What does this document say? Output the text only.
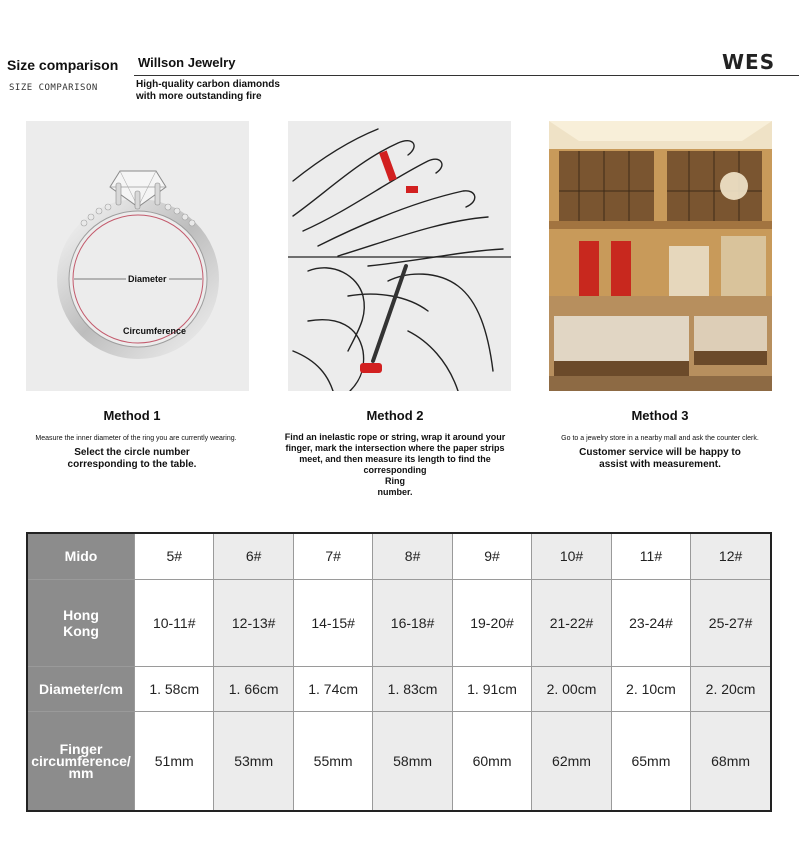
Size comparison
SIZE COMPARISON
Willson Jewelry
High-quality carbon diamonds
with more outstanding fire
WES
Diameter
Circumference
Method 1
Measure the inner diameter of the ring you are currently wearing.
Select the circle number
corresponding to the table.
Method 2
Find an inelastic rope or string, wrap it around your
finger, mark the intersection where the paper strips
meet, and then measure its length to find the
corresponding
Ring
number.
Method 3
Go to a jewelry store in a nearby mall and ask the counter clerk.
Customer service will be happy to
assist with measurement.
Mido	5#	6#	7#	8#	9#	10#	11#	12#

Hong
Kong	10-11#	12-13#	14-15#	16-18#	19-20#	21-22#	23-24#	25-27#
Diameter/cm	1. 58cm	1. 66cm	1. 74cm	1. 83cm	1. 91cm	2. 00cm	2. 10cm	2. 20cm

Finger
circumference/
mm	51mm	53mm	55mm	58mm	60mm	62mm	65mm	68mm
